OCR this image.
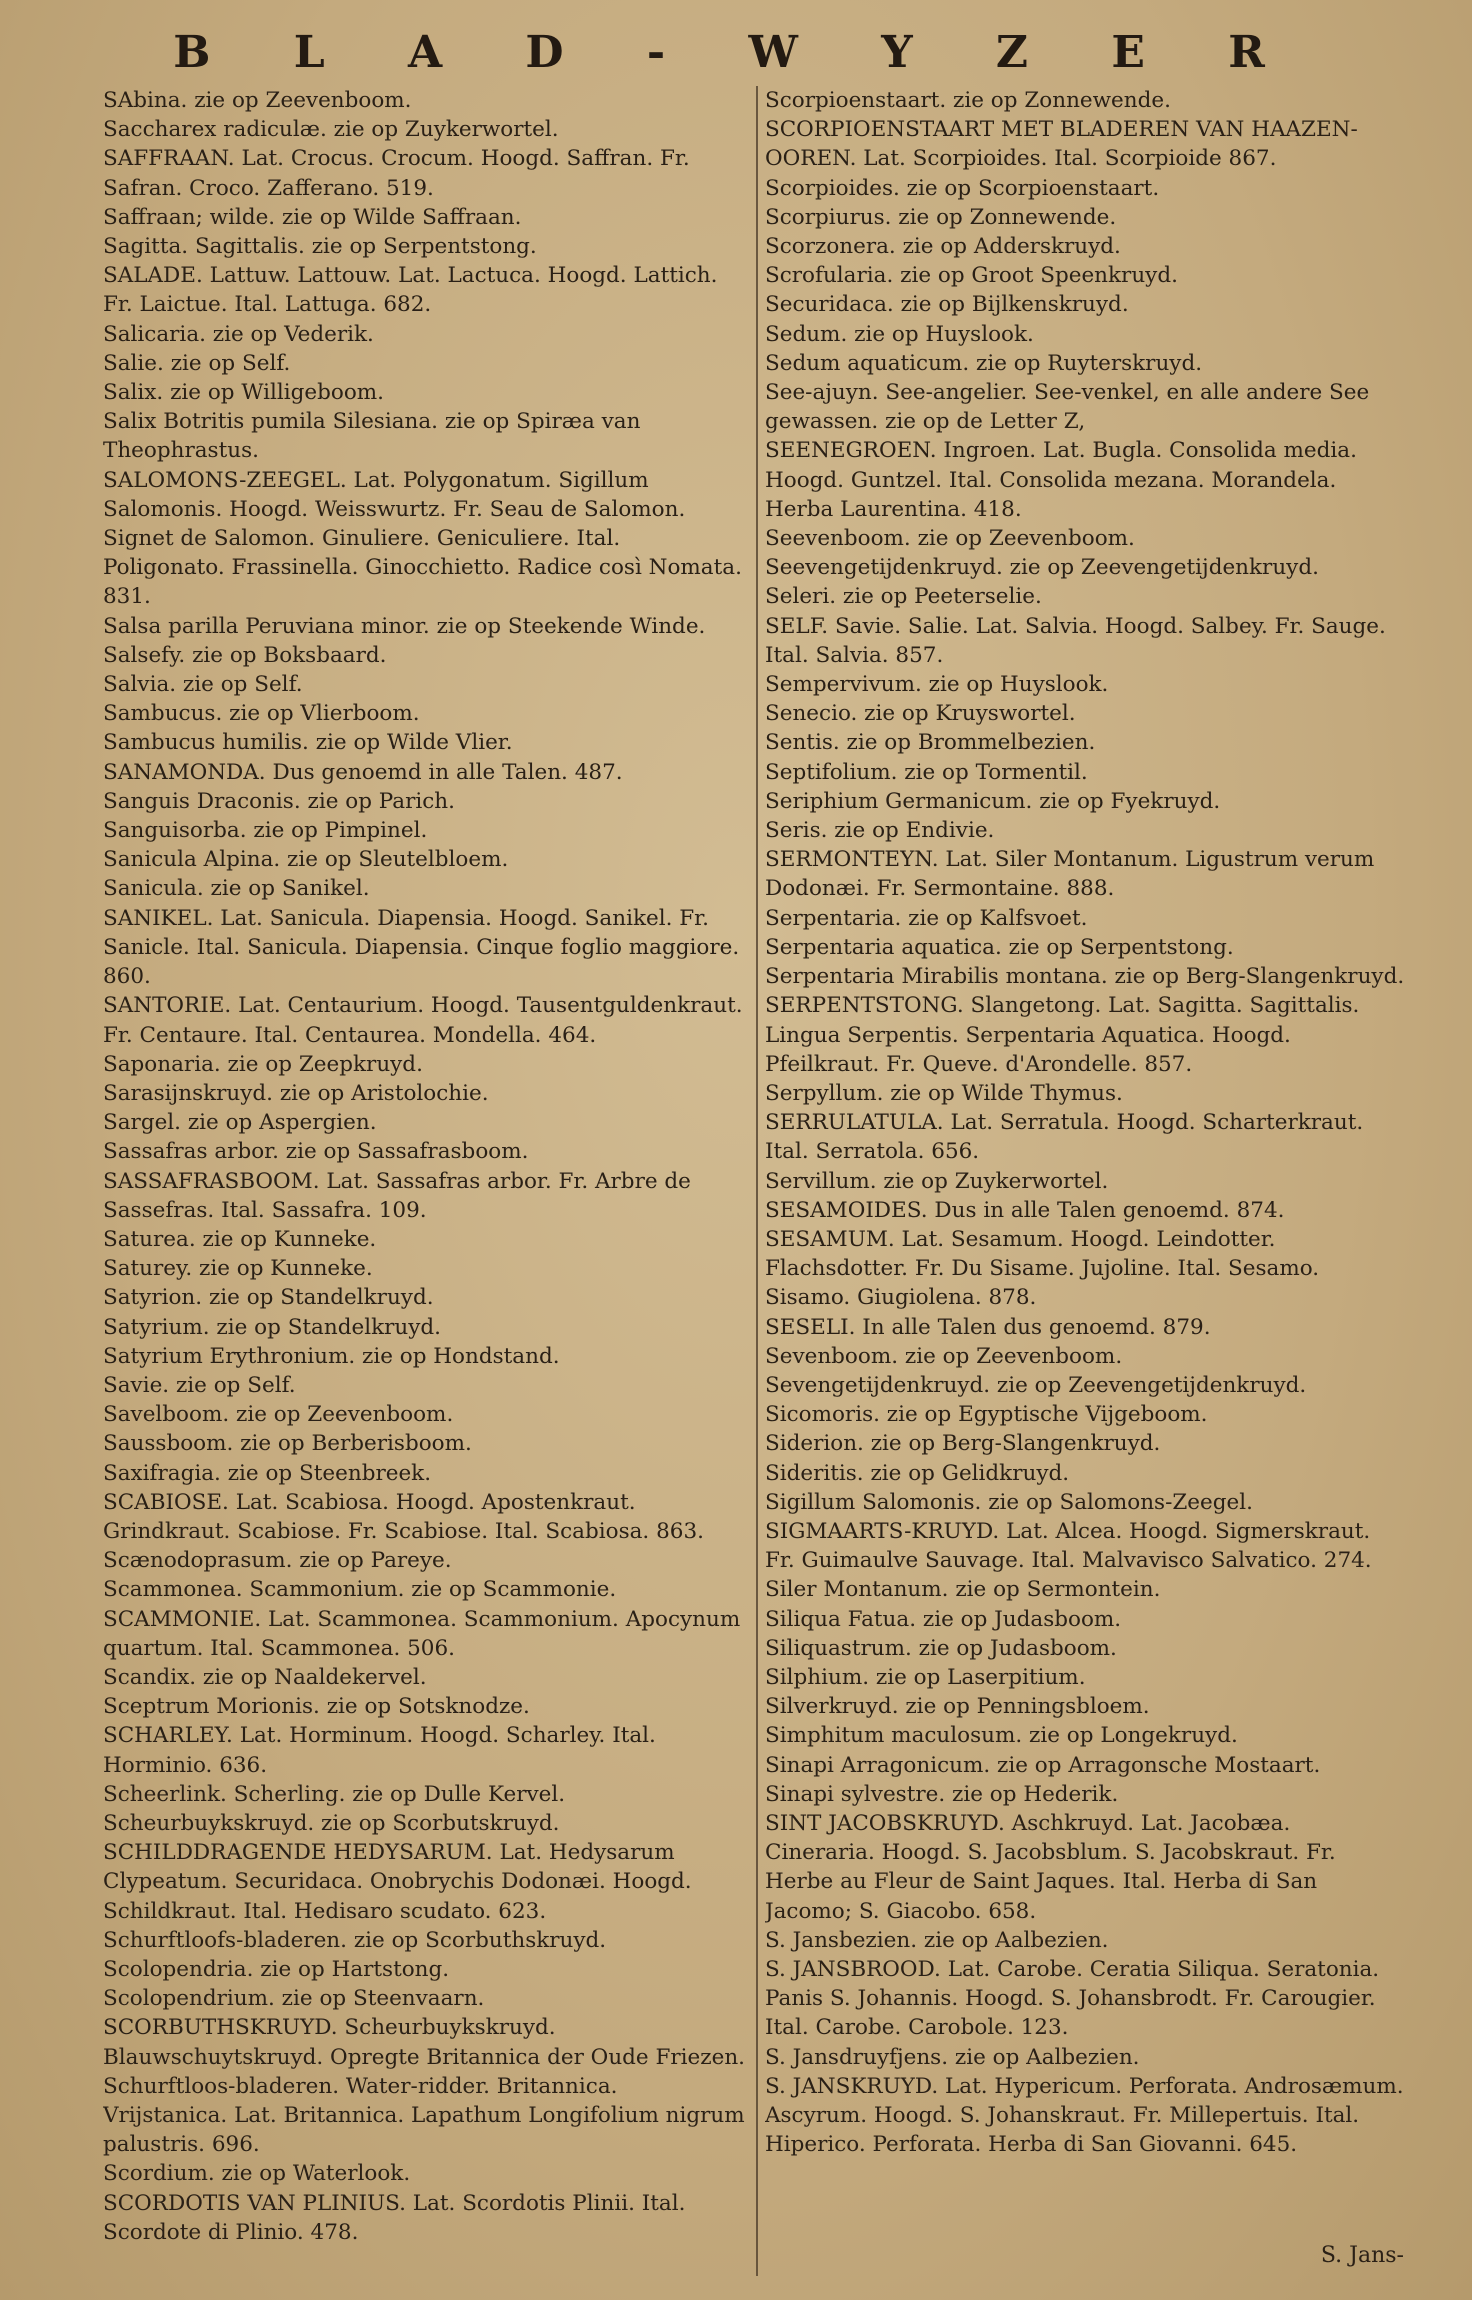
B L A D - W Y Z E R

SAbina. zie op Zeevenboom.

Saccharex radiculæ. zie op Zuykerwortel.

SAFFRAAN. Lat. Crocus. Crocum. Hoogd. Saffran. Fr. Safran. Croco. Zafferano. 519.

Saffraan; wilde. zie op Wilde Saffraan.

Sagitta. Sagittalis. zie op Serpentstong.

SALADE. Lattuw. Lattouw. Lat. Lactuca. Hoogd. Lattich. Fr. Laictue. Ital. Lattuga. 682.

Salicaria. zie op Vederik.

Salie. zie op Self.

Salix. zie op Willigeboom.

Salix Botritis pumila Silesiana. zie op Spiræa van Theophrastus.

SALOMONS-ZEEGEL. Lat. Polygonatum. Sigillum Salomonis. Hoogd. Weisswurtz. Fr. Seau de Salomon. Signet de Salomon. Ginuliere. Geniculiere. Ital. Poligonato. Frassinella. Ginocchietto. Radice così Nomata. 831.

Salsa parilla Peruviana minor. zie op Steekende Winde.

Salsefy. zie op Boksbaard.

Salvia. zie op Self.

Sambucus. zie op Vlierboom.

Sambucus humilis. zie op Wilde Vlier.

SANAMONDA. Dus genoemd in alle Talen. 487.

Sanguis Draconis. zie op Parich.

Sanguisorba. zie op Pimpinel.

Sanicula Alpina. zie op Sleutelbloem.

Sanicula. zie op Sanikel.

SANIKEL. Lat. Sanicula. Diapensia. Hoogd. Sanikel. Fr. Sanicle. Ital. Sanicula. Diapensia. Cinque foglio maggiore. 860.

SANTORIE. Lat. Centaurium. Hoogd. Tausentguldenkraut. Fr. Centaure. Ital. Centaurea. Mondella. 464.

Saponaria. zie op Zeepkruyd.

Sarasijnskruyd. zie op Aristolochie.

Sargel. zie op Aspergien.

Sassafras arbor. zie op Sassafrasboom.

SASSAFRASBOOM. Lat. Sassafras arbor. Fr. Arbre de Sassefras. Ital. Sassafra. 109.

Saturea. zie op Kunneke.

Saturey. zie op Kunneke.

Satyrion. zie op Standelkruyd.

Satyrium. zie op Standelkruyd.

Satyrium Erythronium. zie op Hondstand.

Savie. zie op Self.

Savelboom. zie op Zeevenboom.

Saussboom. zie op Berberisboom.

Saxifragia. zie op Steenbreek.

SCABIOSE. Lat. Scabiosa. Hoogd. Apostenkraut. Grindkraut. Scabiose. Fr. Scabiose. Ital. Scabiosa. 863.

Scænodoprasum. zie op Pareye.

Scammonea. Scammonium. zie op Scammonie.

SCAMMONIE. Lat. Scammonea. Scammonium. Apocynum quartum. Ital. Scammonea. 506.

Scandix. zie op Naaldekervel.

Sceptrum Morionis. zie op Sotsknodze.

SCHARLEY. Lat. Horminum. Hoogd. Scharley. Ital. Horminio. 636.

Scheerlink. Scherling. zie op Dulle Kervel.

Scheurbuykskruyd. zie op Scorbutskruyd.

SCHILDDRAGENDE HEDYSARUM. Lat. Hedysarum Clypeatum. Securidaca. Onobrychis Dodonæi. Hoogd. Schildkraut. Ital. Hedisaro scudato. 623.

Schurftloofs-bladeren. zie op Scorbuthskruyd.

Scolopendria. zie op Hartstong.

Scolopendrium. zie op Steenvaarn.

SCORBUTHSKRUYD. Scheurbuykskruyd. Blauwschuytskruyd. Opregte Britannica der Oude Friezen. Schurftloos-bladeren. Water-ridder. Britannica. Vrijstanica. Lat. Britannica. Lapathum Longifolium nigrum palustris. 696.

Scordium. zie op Waterlook.

SCORDOTIS VAN PLINIUS. Lat. Scordotis Plinii. Ital. Scordote di Plinio. 478.

Scorpioenstaart. zie op Zonnewende.

SCORPIOENSTAART MET BLADEREN VAN HAAZEN-OOREN. Lat. Scorpioides. Ital. Scorpioide 867.

Scorpioides. zie op Scorpioenstaart.

Scorpiurus. zie op Zonnewende.

Scorzonera. zie op Adderskruyd.

Scrofularia. zie op Groot Speenkruyd.

Securidaca. zie op Bijlkenskruyd.

Sedum. zie op Huyslook.

Sedum aquaticum. zie op Ruyterskruyd.

See-ajuyn. See-angelier. See-venkel, en alle andere See gewassen. zie op de Letter Z,

SEENEGROEN. Ingroen. Lat. Bugla. Consolida media. Hoogd. Guntzel. Ital. Consolida mezana. Morandela. Herba Laurentina. 418.

Seevenboom. zie op Zeevenboom.

Seevengetijdenkruyd. zie op Zeevengetijdenkruyd.

Seleri. zie op Peeterselie.

SELF. Savie. Salie. Lat. Salvia. Hoogd. Salbey. Fr. Sauge. Ital. Salvia. 857.

Sempervivum. zie op Huyslook.

Senecio. zie op Kruyswortel.

Sentis. zie op Brommelbezien.

Septifolium. zie op Tormentil.

Seriphium Germanicum. zie op Fyekruyd.

Seris. zie op Endivie.

SERMONTEYN. Lat. Siler Montanum. Ligustrum verum Dodonæi. Fr. Sermontaine. 888.

Serpentaria. zie op Kalfsvoet.

Serpentaria aquatica. zie op Serpentstong.

Serpentaria Mirabilis montana. zie op Berg-Slangenkruyd.

SERPENTSTONG. Slangetong. Lat. Sagitta. Sagittalis. Lingua Serpentis. Serpentaria Aquatica. Hoogd. Pfeilkraut. Fr. Queve. d'Arondelle. 857.

Serpyllum. zie op Wilde Thymus.

SERRULATULA. Lat. Serratula. Hoogd. Scharterkraut. Ital. Serratola. 656.

Servillum. zie op Zuykerwortel.

SESAMOIDES. Dus in alle Talen genoemd. 874.

SESAMUM. Lat. Sesamum. Hoogd. Leindotter. Flachsdotter. Fr. Du Sisame. Jujoline. Ital. Sesamo. Sisamo. Giugiolena. 878.

SESELI. In alle Talen dus genoemd. 879.

Sevenboom. zie op Zeevenboom.

Sevengetijdenkruyd. zie op Zeevengetijdenkruyd.

Sicomoris. zie op Egyptische Vijgeboom.

Siderion. zie op Berg-Slangenkruyd.

Sideritis. zie op Gelidkruyd.

Sigillum Salomonis. zie op Salomons-Zeegel.

SIGMAARTS-KRUYD. Lat. Alcea. Hoogd. Sigmerskraut. Fr. Guimaulve Sauvage. Ital. Malvavisco Salvatico. 274.

Siler Montanum. zie op Sermontein.

Siliqua Fatua. zie op Judasboom.

Siliquastrum. zie op Judasboom.

Silphium. zie op Laserpitium.

Silverkruyd. zie op Penningsbloem.

Simphitum maculosum. zie op Longekruyd.

Sinapi Arragonicum. zie op Arragonsche Mostaart.

Sinapi sylvestre. zie op Hederik.

SINT JACOBSKRUYD. Aschkruyd. Lat. Jacobæa. Cineraria. Hoogd. S. Jacobsblum. S. Jacobskraut. Fr. Herbe au Fleur de Saint Jaques. Ital. Herba di San Jacomo; S. Giacobo. 658.

S. Jansbezien. zie op Aalbezien.

S. JANSBROOD. Lat. Carobe. Ceratia Siliqua. Seratonia. Panis S. Johannis. Hoogd. S. Johansbrodt. Fr. Carougier. Ital. Carobe. Carobole. 123.

S. Jansdruyfjens. zie op Aalbezien.

S. JANSKRUYD. Lat. Hypericum. Perforata. Androsæmum. Ascyrum. Hoogd. S. Johanskraut. Fr. Millepertuis. Ital. Hiperico. Perforata. Herba di San Giovanni. 645.

S. Jans-
